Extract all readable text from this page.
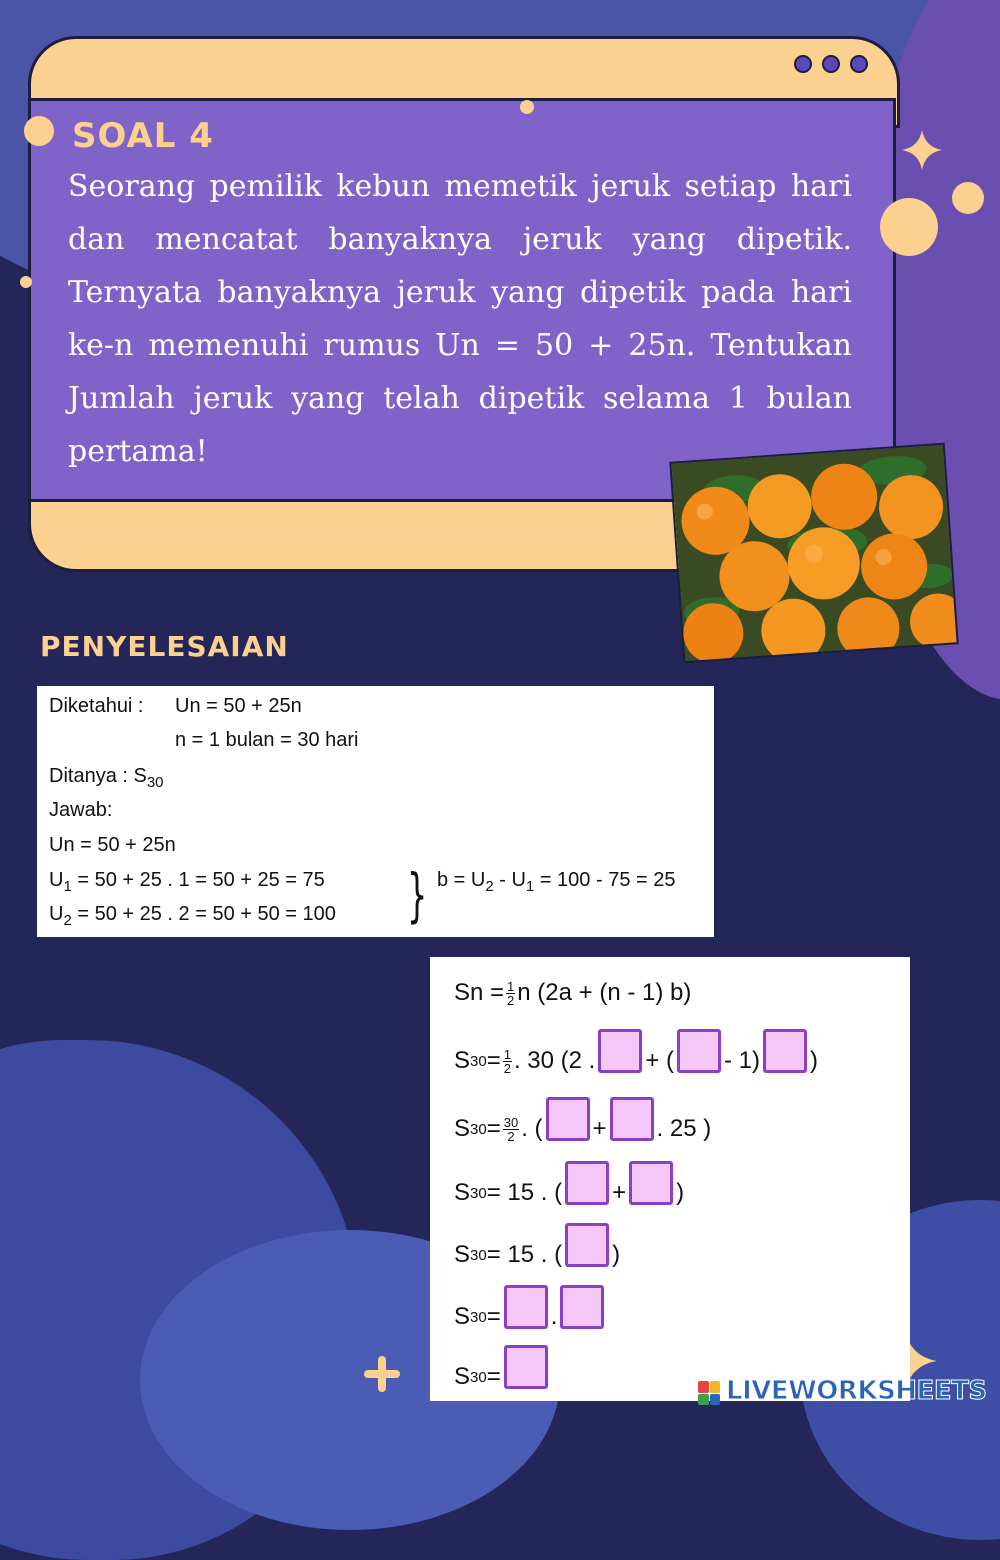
SOAL 4

Seorang pemilik kebun memetik jeruk setiap hari dan mencatat banyaknya jeruk yang dipetik. Ternyata banyaknya jeruk yang dipetik pada hari ke-n memenuhi rumus Un = 50 + 25n. Tentukan Jumlah jeruk yang telah dipetik selama 1 bulan pertama!

PENYELESAIAN
Diketahui : Un = 50 + 25n
n = 1 bulan = 30 hari
Ditanya : $S_{30}$
Jawab:
Un = 50 + 25n
$U_1 = 50 + 25$ . 1 = 50 + 25 = 75
$U_2 = 50 + 25$ . 2 = 50 + 50 = 100 } $b = U_2 - U_1 = 100 - 75 = 25$
$Sn = \frac{1}{2}$ n (2a + (n - 1) b)
S $30 = \frac{1}{2}$ . 30 (2 . + ( - 1) )
S $30 = \frac{30}{2}$ . ( + . 25 )
S 30 = 15 . ( + )
S 30 = 15 . ( )
S 30 = .
S 30 =	LIVEWORKSHEETS
